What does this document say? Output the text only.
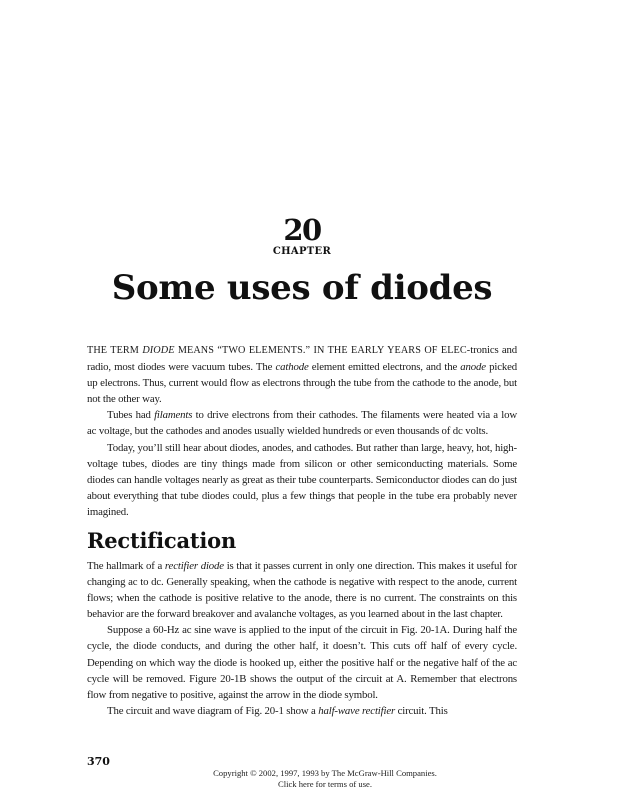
20
CHAPTER
Some uses of diodes

THE TERM DIODE MEANS “TWO ELEMENTS.” IN THE EARLY YEARS OF ELEC-tronics and radio, most diodes were vacuum tubes. The cathode element emitted electrons, and the anode picked up electrons. Thus, current would flow as electrons through the tube from the cathode to the anode, but not the other way.

Tubes had filaments to drive electrons from their cathodes. The filaments were heated via a low ac voltage, but the cathodes and anodes usually wielded hundreds or even thousands of dc volts.

Today, you’ll still hear about diodes, anodes, and cathodes. But rather than large, heavy, hot, high-voltage tubes, diodes are tiny things made from silicon or other semiconducting materials. Some diodes can handle voltages nearly as great as their tube counterparts. Semiconductor diodes can do just about everything that tube diodes could, plus a few things that people in the tube era probably never imagined.

Rectification

The hallmark of a rectifier diode is that it passes current in only one direction. This makes it useful for changing ac to dc. Generally speaking, when the cathode is negative with respect to the anode, current flows; when the cathode is positive relative to the anode, there is no current. The constraints on this behavior are the forward breakover and avalanche voltages, as you learned about in the last chapter.

Suppose a 60-Hz ac sine wave is applied to the input of the circuit in Fig. 20-1A. During half the cycle, the diode conducts, and during the other half, it doesn’t. This cuts off half of every cycle. Depending on which way the diode is hooked up, either the positive half or the negative half of the ac cycle will be removed. Figure 20-1B shows the output of the circuit at A. Remember that electrons flow from negative to positive, against the arrow in the diode symbol.

The circuit and wave diagram of Fig. 20-1 show a half-wave rectifier circuit. This

370
Copyright © 2002, 1997, 1993 by The McGraw-Hill Companies.
Click here for terms of use.
